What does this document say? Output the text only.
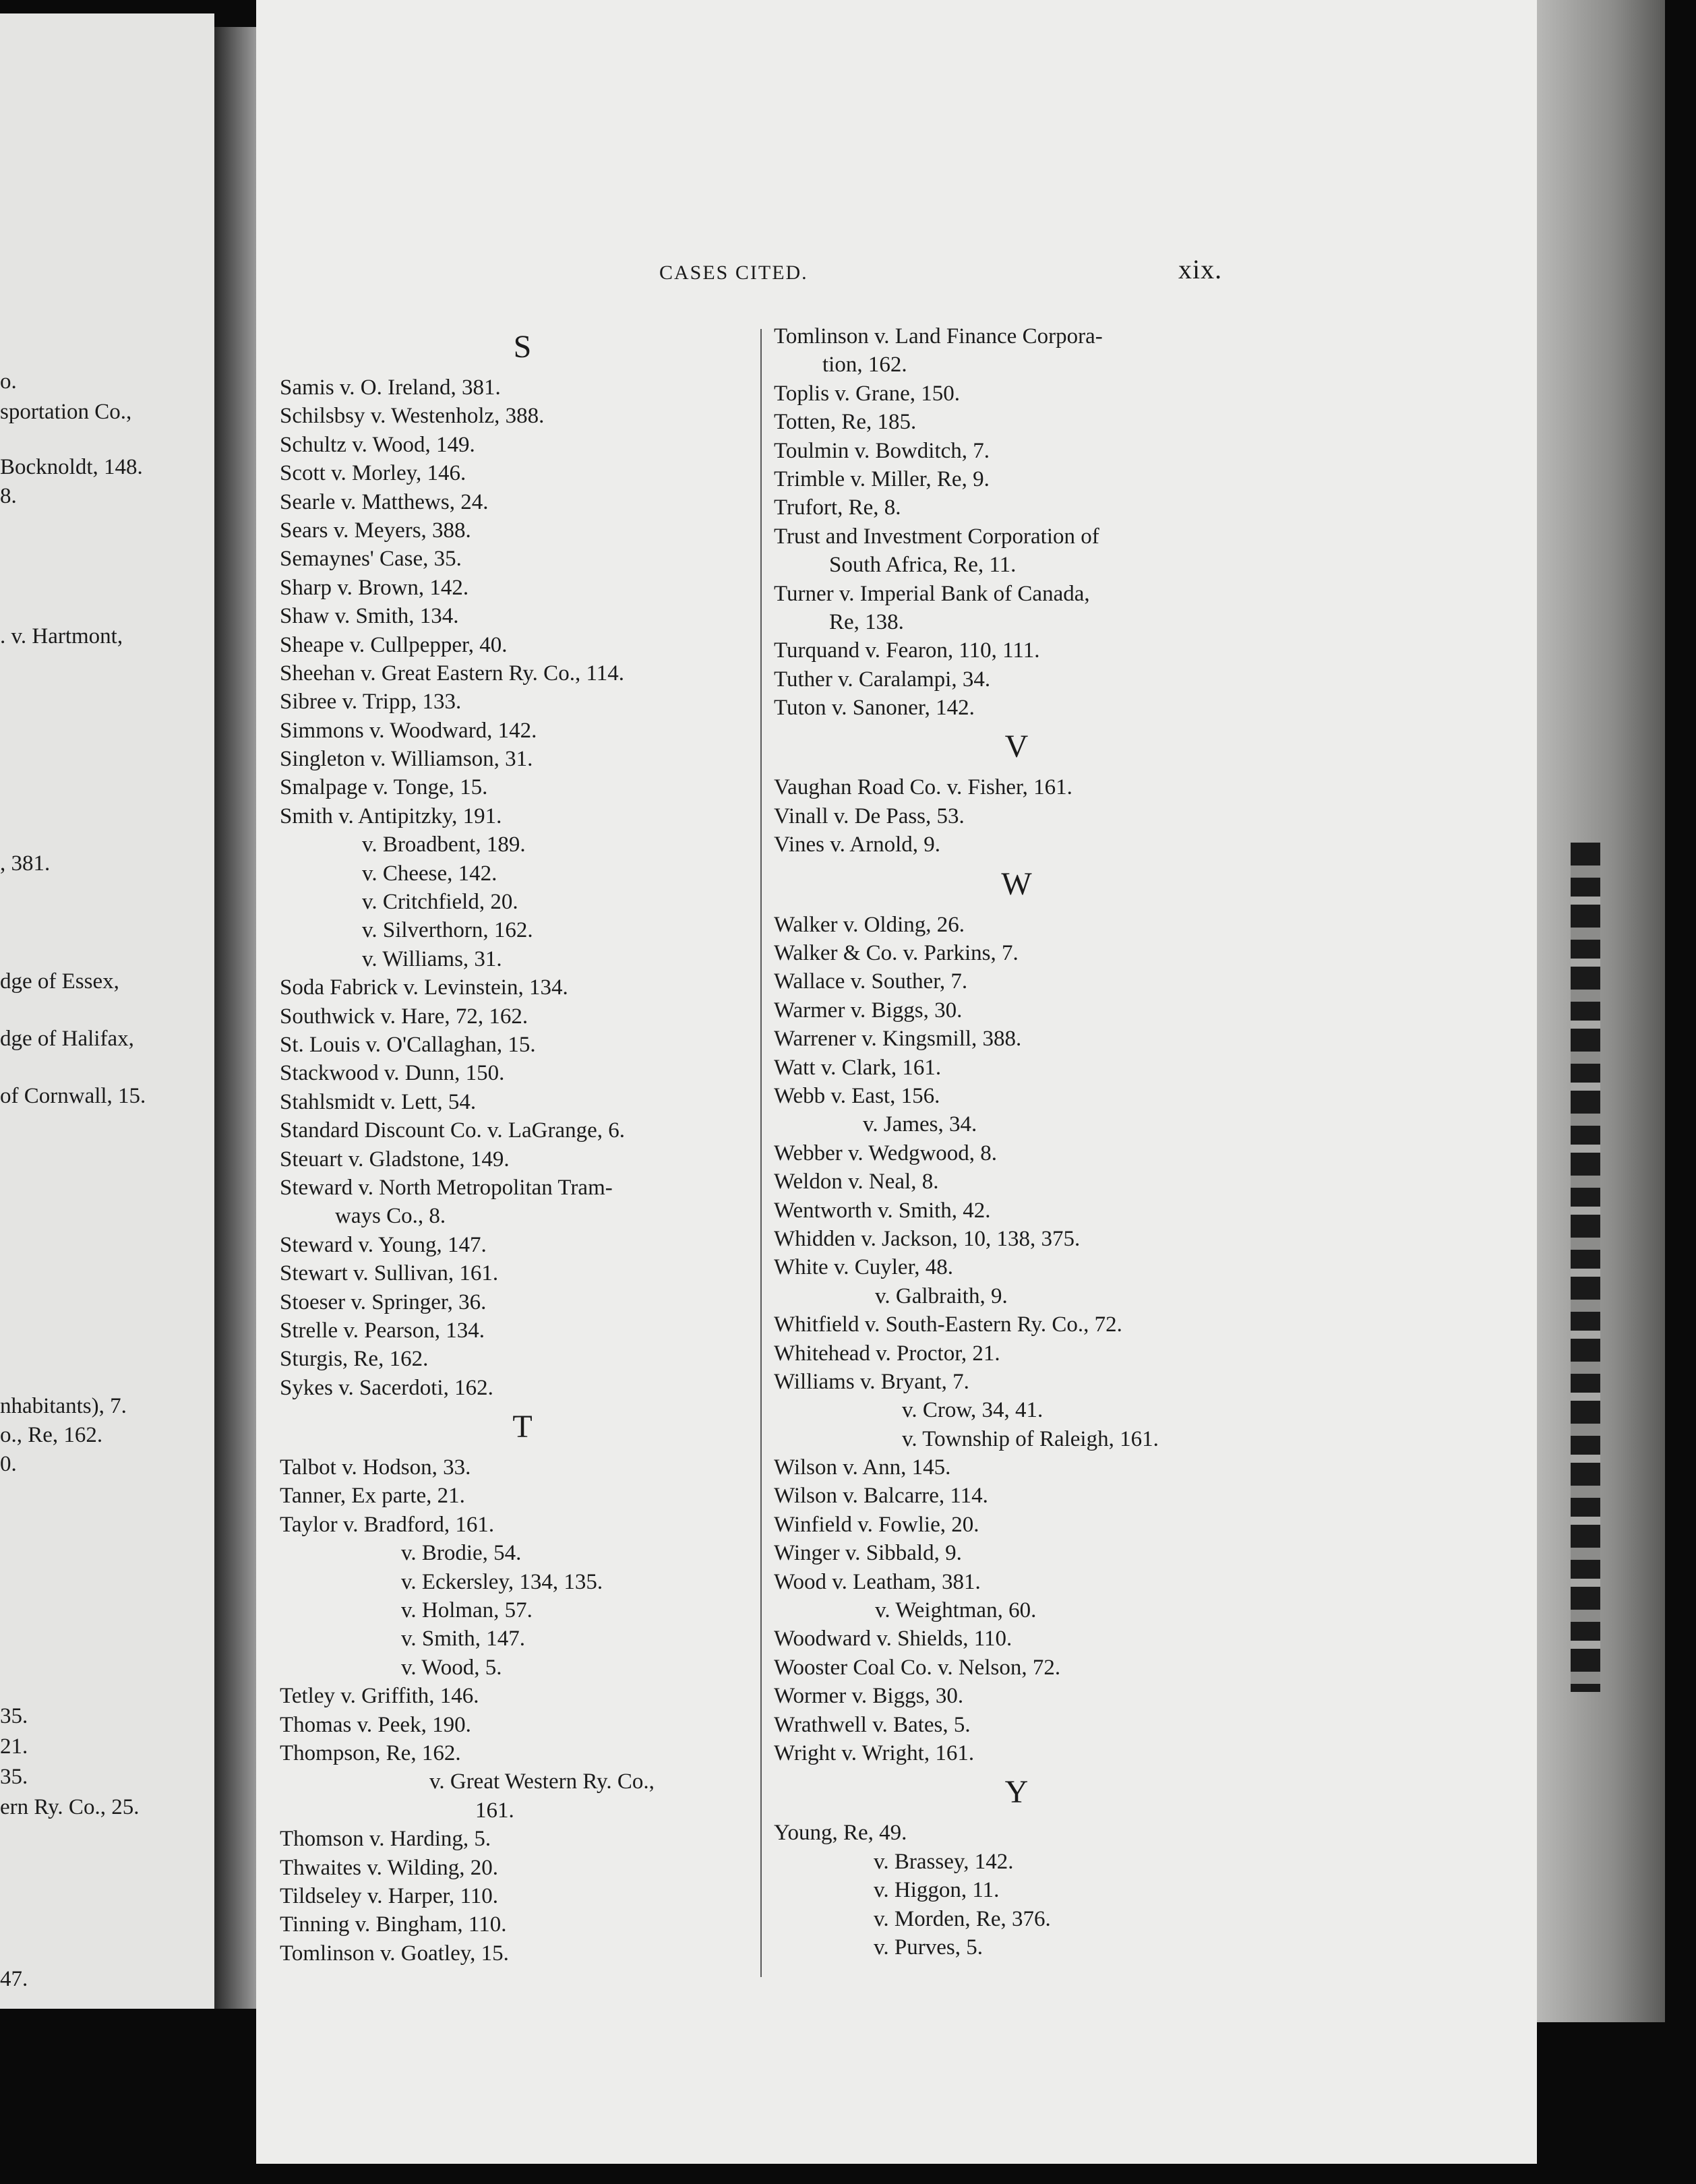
o.
sportation Co.,
Bocknoldt, 148.
8.
. v. Hartmont,
, 381.
dge of Essex,
dge of Halifax,
of Cornwall, 15.
nhabitants), 7.
o., Re, 162.
0.
35.
21.
35.
ern Ry. Co., 25.
47.
CASES CITED.	xix.
S
Samis v. O. Ireland, 381.
Schilsbsy v. Westenholz, 388.
Schultz v. Wood, 149.
Scott v. Morley, 146.
Searle v. Matthews, 24.
Sears v. Meyers, 388.
Semaynes' Case, 35.
Sharp v. Brown, 142.
Shaw v. Smith, 134.
Sheape v. Cullpepper, 40.
Sheehan v. Great Eastern Ry. Co., 114.
Sibree v. Tripp, 133.
Simmons v. Woodward, 142.
Singleton v. Williamson, 31.
Smalpage v. Tonge, 15.
Smith v. Antipitzky, 191.
v. Broadbent, 189.
v. Cheese, 142.
v. Critchfield, 20.
v. Silverthorn, 162.
v. Williams, 31.
Soda Fabrick v. Levinstein, 134.
Southwick v. Hare, 72, 162.
St. Louis v. O'Callaghan, 15.
Stackwood v. Dunn, 150.
Stahlsmidt v. Lett, 54.
Standard Discount Co. v. LaGrange, 6.
Steuart v. Gladstone, 149.
Steward v. North Metropolitan Tram-
ways Co., 8.
Steward v. Young, 147.
Stewart v. Sullivan, 161.
Stoeser v. Springer, 36.
Strelle v. Pearson, 134.
Sturgis, Re, 162.
Sykes v. Sacerdoti, 162.
T
Talbot v. Hodson, 33.
Tanner, Ex parte, 21.
Taylor v. Bradford, 161.
v. Brodie, 54.
v. Eckersley, 134, 135.
v. Holman, 57.
v. Smith, 147.
v. Wood, 5.
Tetley v. Griffith, 146.
Thomas v. Peek, 190.
Thompson, Re, 162.
v. Great Western Ry. Co.,
161.
Thomson v. Harding, 5.
Thwaites v. Wilding, 20.
Tildseley v. Harper, 110.
Tinning v. Bingham, 110.
Tomlinson v. Goatley, 15.
Tomlinson v. Land Finance Corpora-
tion, 162.
Toplis v. Grane, 150.
Totten, Re, 185.
Toulmin v. Bowditch, 7.
Trimble v. Miller, Re, 9.
Trufort, Re, 8.
Trust and Investment Corporation of
South Africa, Re, 11.
Turner v. Imperial Bank of Canada,
Re, 138.
Turquand v. Fearon, 110, 111.
Tuther v. Caralampi, 34.
Tuton v. Sanoner, 142.
V
Vaughan Road Co. v. Fisher, 161.
Vinall v. De Pass, 53.
Vines v. Arnold, 9.
W
Walker v. Olding, 26.
Walker & Co. v. Parkins, 7.
Wallace v. Souther, 7.
Warmer v. Biggs, 30.
Warrener v. Kingsmill, 388.
Watt v. Clark, 161.
Webb v. East, 156.
v. James, 34.
Webber v. Wedgwood, 8.
Weldon v. Neal, 8.
Wentworth v. Smith, 42.
Whidden v. Jackson, 10, 138, 375.
White v. Cuyler, 48.
v. Galbraith, 9.
Whitfield v. South-Eastern Ry. Co., 72.
Whitehead v. Proctor, 21.
Williams v. Bryant, 7.
v. Crow, 34, 41.
v. Township of Raleigh, 161.
Wilson v. Ann, 145.
Wilson v. Balcarre, 114.
Winfield v. Fowlie, 20.
Winger v. Sibbald, 9.
Wood v. Leatham, 381.
v. Weightman, 60.
Woodward v. Shields, 110.
Wooster Coal Co. v. Nelson, 72.
Wormer v. Biggs, 30.
Wrathwell v. Bates, 5.
Wright v. Wright, 161.
Y
Young, Re, 49.
v. Brassey, 142.
v. Higgon, 11.
v. Morden, Re, 376.
v. Purves, 5.
